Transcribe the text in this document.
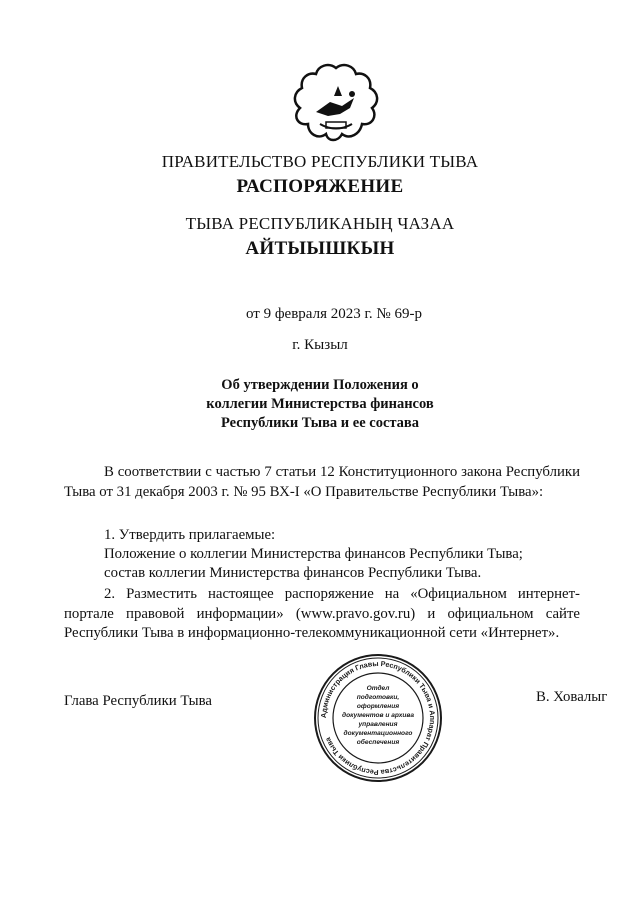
ПРАВИТЕЛЬСТВО РЕСПУБЛИКИ ТЫВА
РАСПОРЯЖЕНИЕ
ТЫВА РЕСПУБЛИКАНЫҢ ЧАЗАА
АЙТЫЫШКЫН
от 9 февраля 2023 г. № 69-р
г. Кызыл
Об утверждении Положения о
коллегии Министерства финансов
Республики Тыва и ее состава
В соответствии с частью 7 статьи 12 Конституционного закона Республики Тыва от 31 декабря 2003 г. № 95 ВХ-I «О Правительстве Республики Тыва»:
1. Утвердить прилагаемые:
Положение о коллегии Министерства финансов Республики Тыва;
состав коллегии Министерства финансов Республики Тыва.
2. Разместить настоящее распоряжение на «Официальном интернет-портале правовой информации» (www.pravo.gov.ru) и официальном сайте Республики Тыва в информационно-телекоммуникационной сети «Интернет».
Глава Республики Тыва	В. Ховалыг
Администрация Главы Республики Тыва и Аппарат Правительства Республики Тыва
Отдел
подготовки,
оформления
документов и архива
управления
документационного
обеспечения
